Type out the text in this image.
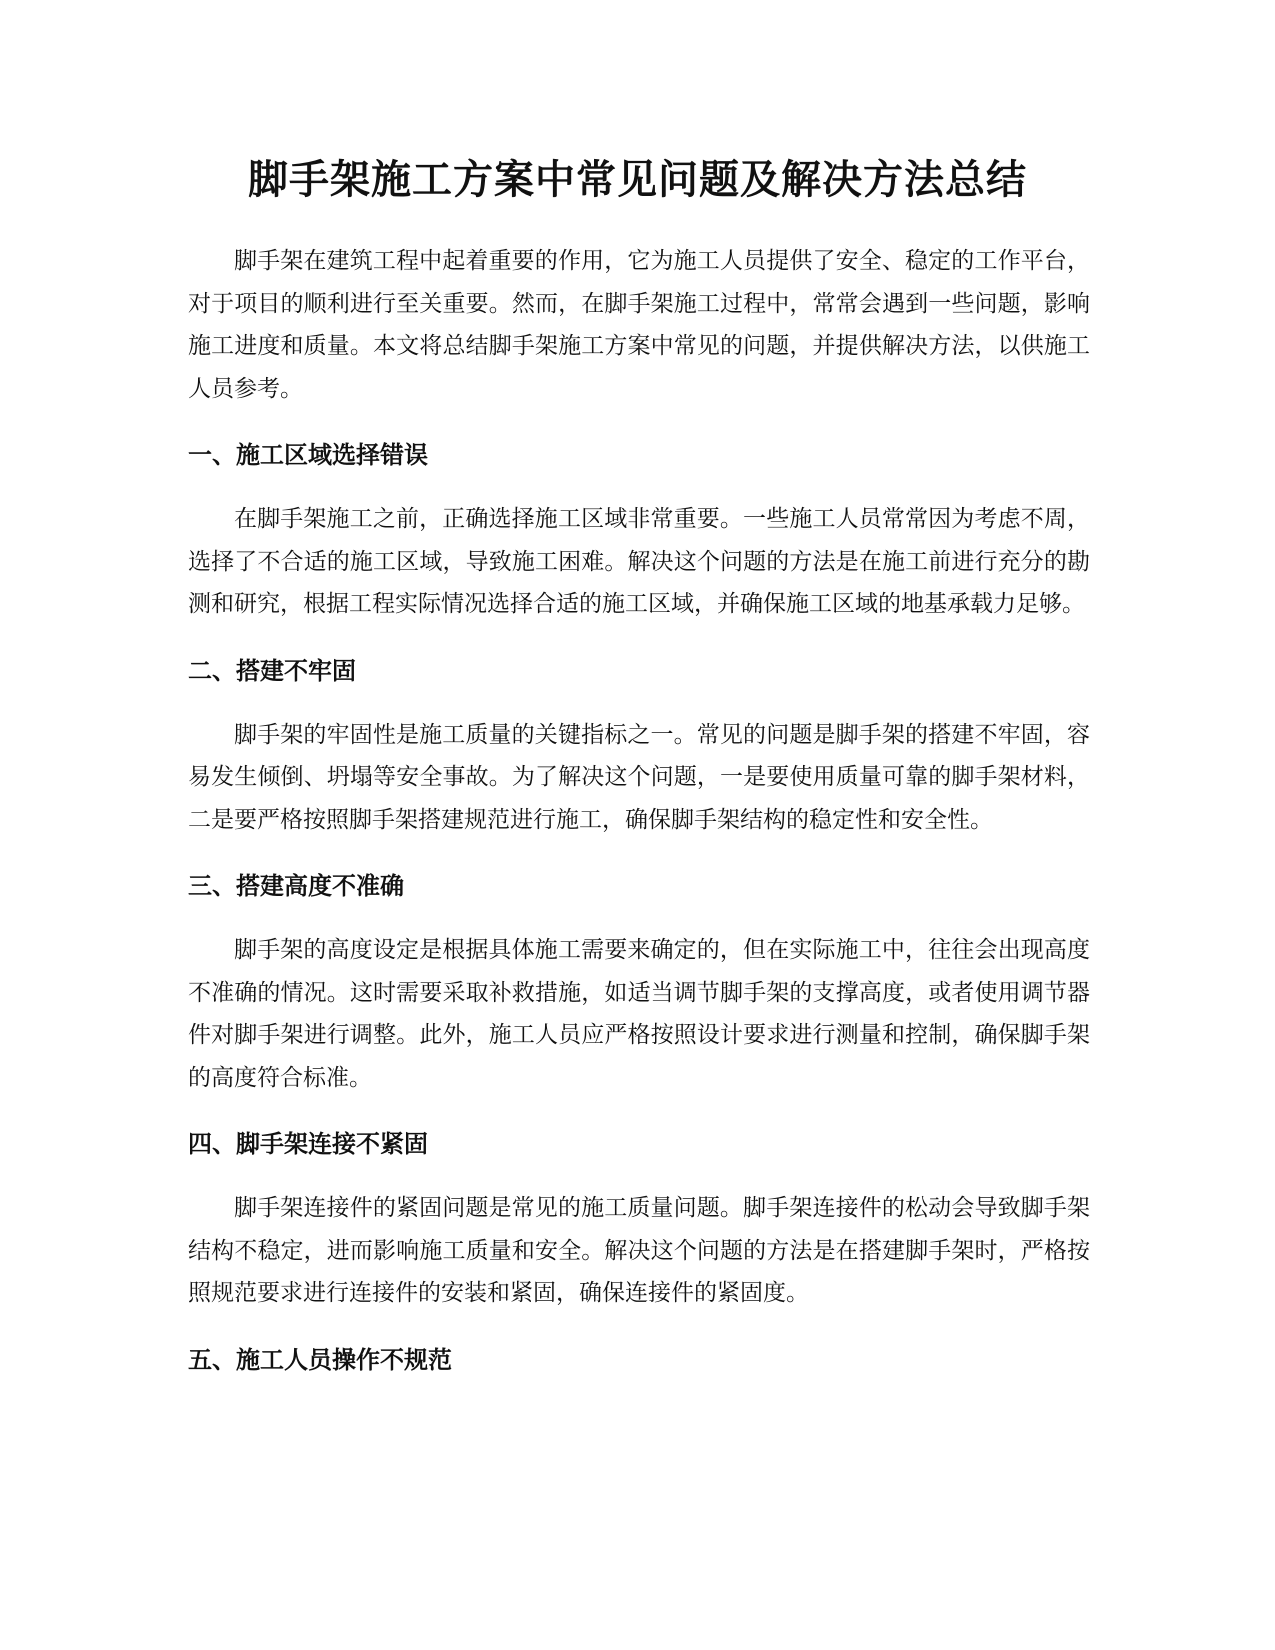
脚手架施工方案中常见问题及解决方法总结

脚手架在建筑工程中起着重要的作用，它为施工人员提供了安全、稳定的工作平台，对于项目的顺利进行至关重要。然而，在脚手架施工过程中，常常会遇到一些问题，影响施工进度和质量。本文将总结脚手架施工方案中常见的问题，并提供解决方法，以供施工人员参考。

一、施工区域选择错误

在脚手架施工之前，正确选择施工区域非常重要。一些施工人员常常因为考虑不周，选择了不合适的施工区域，导致施工困难。解决这个问题的方法是在施工前进行充分的勘测和研究，根据工程实际情况选择合适的施工区域，并确保施工区域的地基承载力足够。

二、搭建不牢固

脚手架的牢固性是施工质量的关键指标之一。常见的问题是脚手架的搭建不牢固，容易发生倾倒、坍塌等安全事故。为了解决这个问题，一是要使用质量可靠的脚手架材料，二是要严格按照脚手架搭建规范进行施工，确保脚手架结构的稳定性和安全性。

三、搭建高度不准确

脚手架的高度设定是根据具体施工需要来确定的，但在实际施工中，往往会出现高度不准确的情况。这时需要采取补救措施，如适当调节脚手架的支撑高度，或者使用调节器件对脚手架进行调整。此外，施工人员应严格按照设计要求进行测量和控制，确保脚手架的高度符合标准。

四、脚手架连接不紧固

脚手架连接件的紧固问题是常见的施工质量问题。脚手架连接件的松动会导致脚手架结构不稳定，进而影响施工质量和安全。解决这个问题的方法是在搭建脚手架时，严格按照规范要求进行连接件的安装和紧固，确保连接件的紧固度。

五、施工人员操作不规范
